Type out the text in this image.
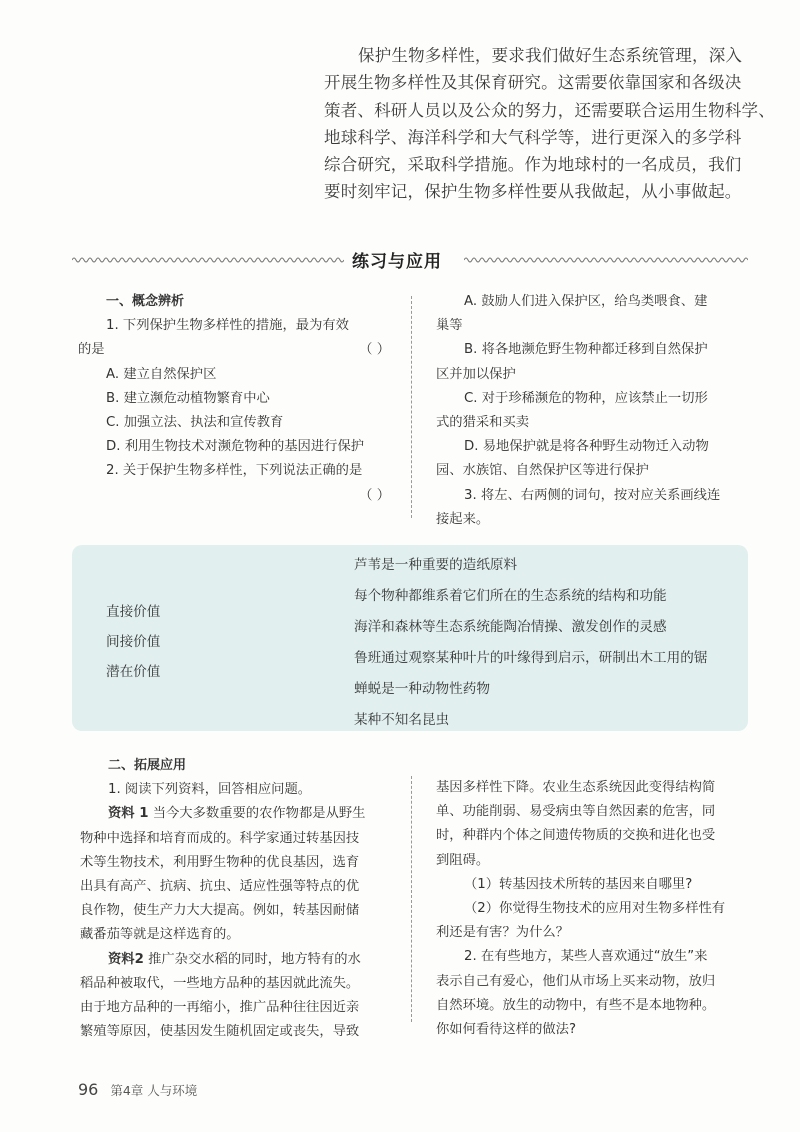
保护生物多样性，要求我们做好生态系统管理，深入
开展生物多样性及其保育研究。这需要依靠国家和各级决
策者、科研人员以及公众的努力，还需要联合运用生物科学、
地球科学、海洋科学和大气科学等，进行更深入的多学科
综合研究，采取科学措施。作为地球村的一名成员，我们
要时刻牢记，保护生物多样性要从我做起，从小事做起。
练习与应用
一、概念辨析
1. 下列保护生物多样性的措施，最为有效
的是	（ ）
A. 建立自然保护区
B. 建立濒危动植物繁育中心
C. 加强立法、执法和宣传教育
D. 利用生物技术对濒危物种的基因进行保护
2. 关于保护生物多样性，下列说法正确的是

（ ）
A. 鼓励人们进入保护区，给鸟类喂食、建
巢等
B. 将各地濒危野生物种都迁移到自然保护
区并加以保护
C. 对于珍稀濒危的物种，应该禁止一切形
式的猎采和买卖
D. 易地保护就是将各种野生动物迁入动物
园、水族馆、自然保护区等进行保护
3. 将左、右两侧的词句，按对应关系画线连
接起来。
直接价值
间接价值
潜在价值
芦苇是一种重要的造纸原料
每个物种都维系着它们所在的生态系统的结构和功能
海洋和森林等生态系统能陶冶情操、激发创作的灵感
鲁班通过观察某种叶片的叶缘得到启示，研制出木工用的锯
蝉蜕是一种动物性药物
某种不知名昆虫
二、拓展应用
1. 阅读下列资料，回答相应问题。
资料 1 当今大多数重要的农作物都是从野生
物种中选择和培育而成的。科学家通过转基因技
术等生物技术，利用野生物种的优良基因，选育
出具有高产、抗病、抗虫、适应性强等特点的优
良作物，使生产力大大提高。例如，转基因耐储
藏番茄等就是这样选育的。
资料2 推广杂交水稻的同时，地方特有的水
稻品种被取代，一些地方品种的基因就此流失。
由于地方品种的一再缩小，推广品种往往因近亲
繁殖等原因，使基因发生随机固定或丧失，导致
基因多样性下降。农业生态系统因此变得结构简
单、功能削弱、易受病虫等自然因素的危害，同
时，种群内个体之间遗传物质的交换和进化也受
到阻碍。
（1）转基因技术所转的基因来自哪里?
（2）你觉得生物技术的应用对生物多样性有
利还是有害？为什么？
2. 在有些地方，某些人喜欢通过“放生”来
表示自己有爱心，他们从市场上买来动物，放归
自然环境。放生的动物中，有些不是本地物种。
你如何看待这样的做法?
96 第4章 人与环境
